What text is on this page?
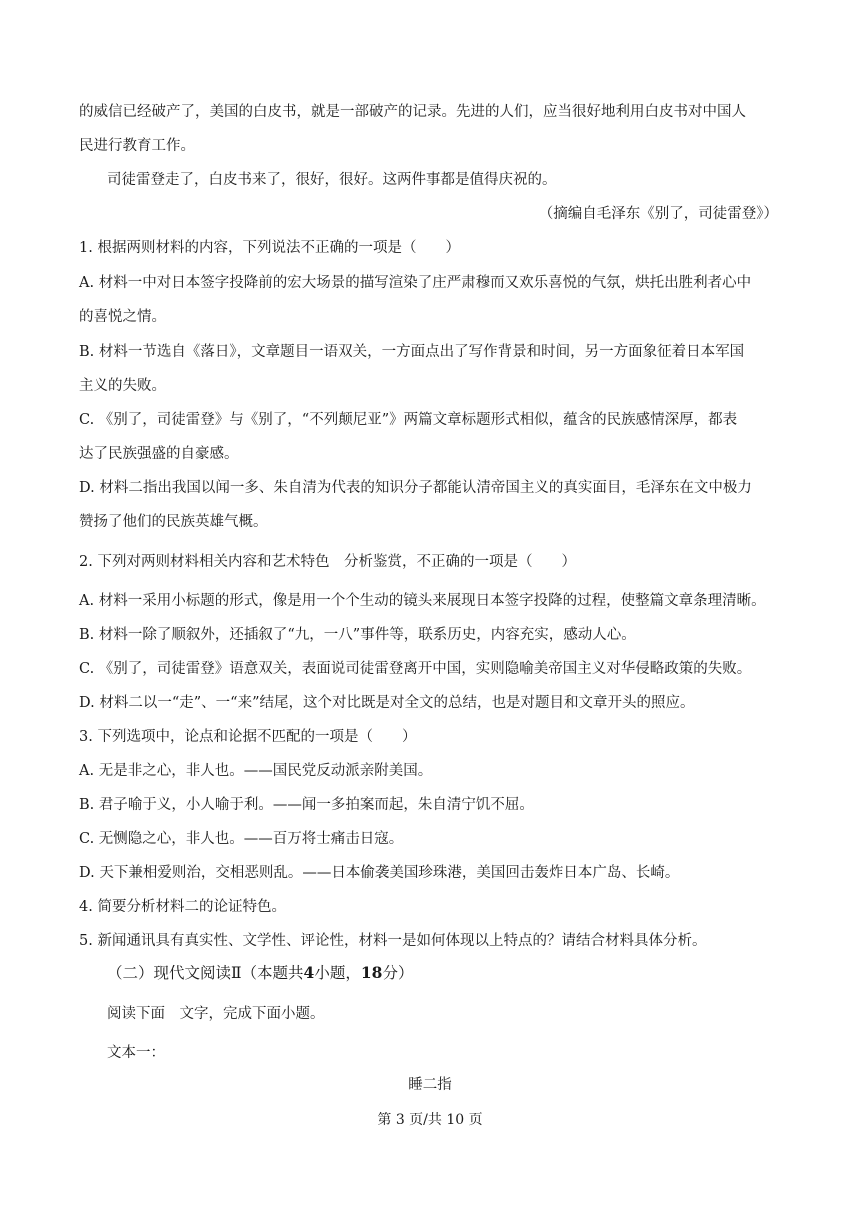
的威信已经破产了，美国的白皮书，就是一部破产的记录。先进的人们，应当很好地利用白皮书对中国人
民进行教育工作。
司徒雷登走了，白皮书来了，很好，很好。这两件事都是值得庆祝的。
（摘编自毛泽东《别了，司徒雷登》）
1. 根据两则材料的内容，下列说法不正确的一项是（　　）
A. 材料一中对日本签字投降前的宏大场景的描写渲染了庄严肃穆而又欢乐喜悦的气氛，烘托出胜利者心中
的喜悦之情。
B. 材料一节选自《落日》，文章题目一语双关，一方面点出了写作背景和时间，另一方面象征着日本军国
主义的失败。
C. 《别了，司徒雷登》与《别了，“不列颠尼亚”》两篇文章标题形式相似，蕴含的民族感情深厚，都表
达了民族强盛的自豪感。
D. 材料二指出我国以闻一多、朱自清为代表的知识分子都能认清帝国主义的真实面目，毛泽东在文中极力
赞扬了他们的民族英雄气概。
2. 下列对两则材料相关内容和艺术特色　分析鉴赏，不正确的一项是（　　）
A. 材料一采用小标题的形式，像是用一个个生动的镜头来展现日本签字投降的过程，使整篇文章条理清晰。
B. 材料一除了顺叙外，还插叙了“九，一八”事件等，联系历史，内容充实，感动人心。
C. 《别了，司徒雷登》语意双关，表面说司徒雷登离开中国，实则隐喻美帝国主义对华侵略政策的失败。
D. 材料二以一“走”、一“来”结尾，这个对比既是对全文的总结，也是对题目和文章开头的照应。
3. 下列选项中，论点和论据不匹配的一项是（　　）
A. 无是非之心，非人也。——国民党反动派亲附美国。
B. 君子喻于义，小人喻于利。——闻一多拍案而起，朱自清宁饥不屈。
C. 无恻隐之心，非人也。——百万将士痛击日寇。
D. 天下兼相爱则治，交相恶则乱。——日本偷袭美国珍珠港，美国回击轰炸日本广岛、长崎。
4. 简要分析材料二的论证特色。
5. 新闻通讯具有真实性、文学性、评论性，材料一是如何体现以上特点的？请结合材料具体分析。
（二）现代文阅读Ⅱ（本题共4小题，18分）
阅读下面　文字，完成下面小题。
文本一：
睡二指
第 3 页/共 10 页
